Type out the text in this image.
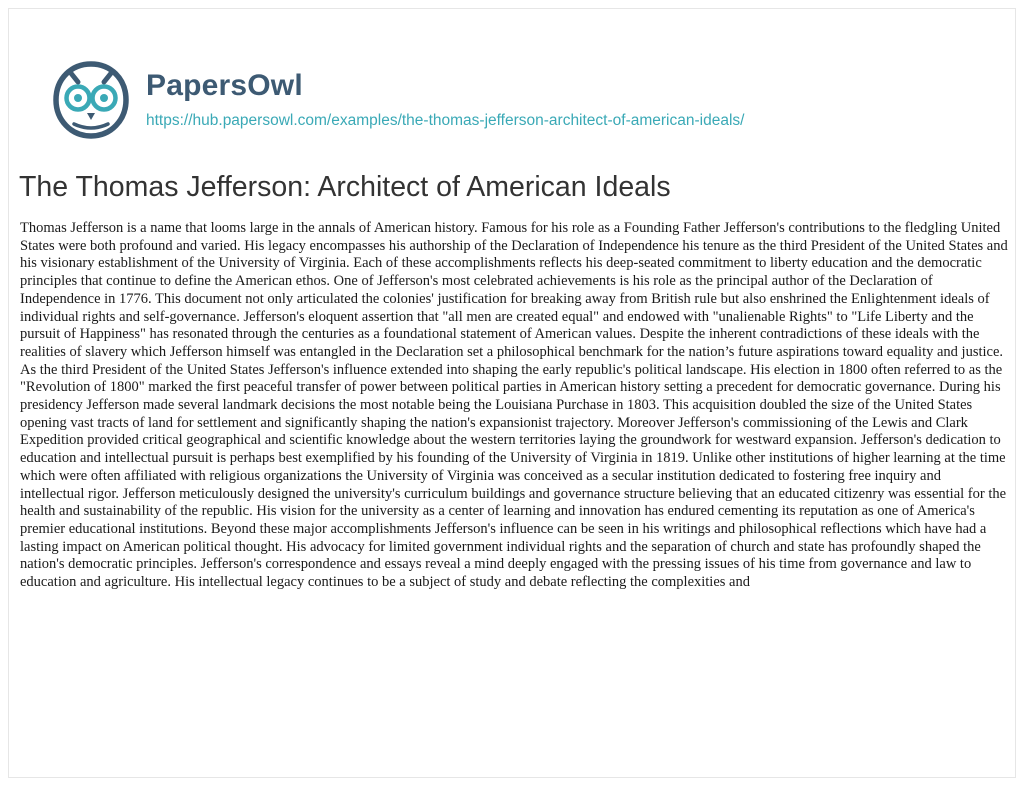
PapersOwl
https://hub.papersowl.com/examples/the-thomas-jefferson-architect-of-american-ideals/
The Thomas Jefferson: Architect of American Ideals

Thomas Jefferson is a name that looms large in the annals of American history. Famous for his role as a Founding Father Jefferson's contributions to the fledgling United States were both profound and varied. His legacy encompasses his authorship of the Declaration of Independence his tenure as the third President of the United States and his visionary establishment of the University of Virginia. Each of these accomplishments reflects his deep-seated commitment to liberty education and the democratic principles that continue to define the American ethos. One of Jefferson's most celebrated achievements is his role as the principal author of the Declaration of Independence in 1776. This document not only articulated the colonies' justification for breaking away from British rule but also enshrined the Enlightenment ideals of individual rights and self-governance. Jefferson's eloquent assertion that "all men are created equal" and endowed with "unalienable Rights" to "Life Liberty and the pursuit of Happiness" has resonated through the centuries as a foundational statement of American values. Despite the inherent contradictions of these ideals with the realities of slavery which Jefferson himself was entangled in the Declaration set a philosophical benchmark for the nation’s future aspirations toward equality and justice. As the third President of the United States Jefferson's influence extended into shaping the early republic's political landscape. His election in 1800 often referred to as the "Revolution of 1800" marked the first peaceful transfer of power between political parties in American history setting a precedent for democratic governance. During his presidency Jefferson made several landmark decisions the most notable being the Louisiana Purchase in 1803. This acquisition doubled the size of the United States opening vast tracts of land for settlement and significantly shaping the nation's expansionist trajectory. Moreover Jefferson's commissioning of the Lewis and Clark Expedition provided critical geographical and scientific knowledge about the western territories laying the groundwork for westward expansion. Jefferson's dedication to education and intellectual pursuit is perhaps best exemplified by his founding of the University of Virginia in 1819. Unlike other institutions of higher learning at the time which were often affiliated with religious organizations the University of Virginia was conceived as a secular institution dedicated to fostering free inquiry and intellectual rigor. Jefferson meticulously designed the university's curriculum buildings and governance structure believing that an educated citizenry was essential for the health and sustainability of the republic. His vision for the university as a center of learning and innovation has endured cementing its reputation as one of America's premier educational institutions. Beyond these major accomplishments Jefferson's influence can be seen in his writings and philosophical reflections which have had a lasting impact on American political thought. His advocacy for limited government individual rights and the separation of church and state has profoundly shaped the nation's democratic principles. Jefferson's correspondence and essays reveal a mind deeply engaged with the pressing issues of his time from governance and law to education and agriculture. His intellectual legacy continues to be a subject of study and debate reflecting the complexities and
